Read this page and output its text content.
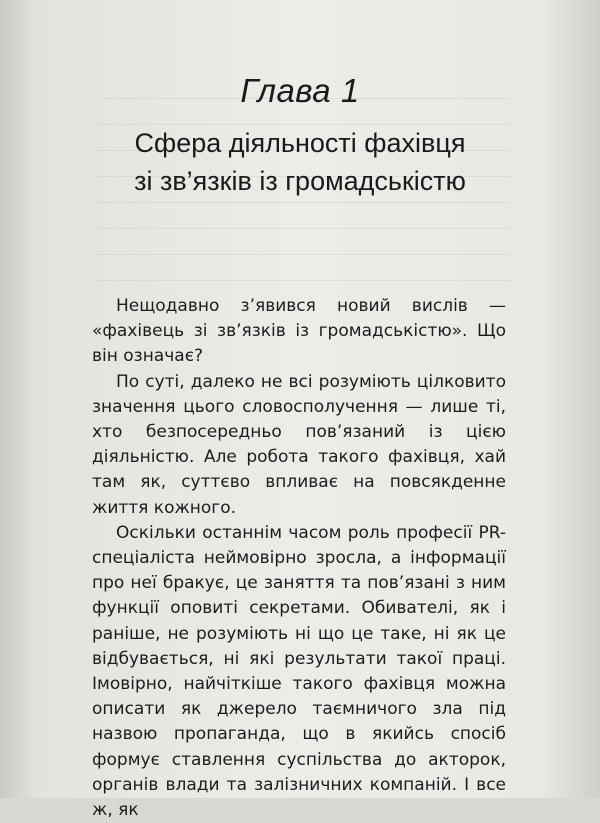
Глава 1
Сфера діяльності фахівця
зі зв’язків із громадськістю

Нещодавно з’явився новий вислів — «фахівець зі зв’язків із громадськістю». Що він означає?

По суті, далеко не всі розуміють цілковито значення цього словосполучення — лише ті, хто безпосередньо пов’язаний із цією діяльністю. Але робота такого фахівця, хай там як, суттєво впливає на повсякденне життя кожного.

Оскільки останнім часом роль професії PR-спеціаліста неймовірно зросла, а інформації про неї бракує, це заняття та пов’язані з ним функції оповиті секретами. Обивателі, як і раніше, не розуміють ні що це таке, ні як це відбувається, ні які результати такої праці. Імовірно, найчіткіше такого фахівця можна описати як джерело таємничого зла під назвою пропаганда, що в якийсь спосіб формує ставлення суспільства до акторок, органів влади та залізничних компаній. І все ж, як
